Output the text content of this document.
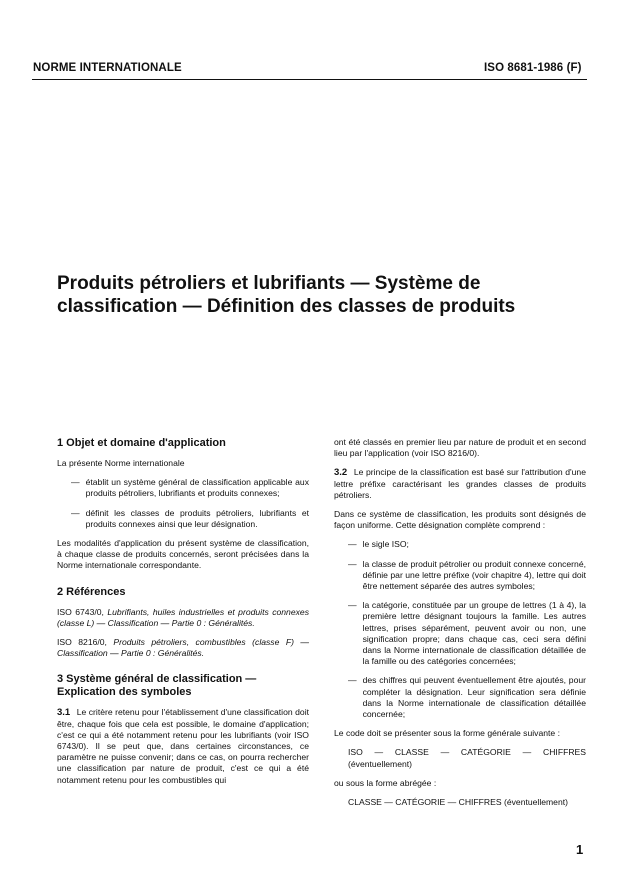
NORME INTERNATIONALE	ISO 8681-1986 (F)
Produits pétroliers et lubrifiants — Système de classification — Définition des classes de produits
1 Objet et domaine d'application

La présente Norme internationale

— établit un système général de classification applicable aux produits pétroliers, lubrifiants et produits connexes;
— définit les classes de produits pétroliers, lubrifiants et produits connexes ainsi que leur désignation.

Les modalités d'application du présent système de classification, à chaque classe de produits concernés, seront précisées dans la Norme internationale correspondante.

2 Références

ISO 6743/0, Lubrifiants, huiles industrielles et produits connexes (classe L) — Classification — Partie 0 : Généralités.

ISO 8216/0, Produits pétroliers, combustibles (classe F) — Classification — Partie 0 : Généralités.

3 Système général de classification — Explication des symboles

3.1 Le critère retenu pour l'établissement d'une classification doit être, chaque fois que cela est possible, le domaine d'application; c'est ce qui a été notamment retenu pour les lubrifiants (voir ISO 6743/0). Il se peut que, dans certaines circonstances, ce paramètre ne puisse convenir; dans ce cas, on pourra rechercher une classification par nature de produit, c'est ce qui a été notamment retenu pour les combustibles qui

ont été classés en premier lieu par nature de produit et en second lieu par l'application (voir ISO 8216/0).

3.2 Le principe de la classification est basé sur l'attribution d'une lettre préfixe caractérisant les grandes classes de produits pétroliers.

Dans ce système de classification, les produits sont désignés de façon uniforme. Cette désignation complète comprend :

— le sigle ISO;
— la classe de produit pétrolier ou produit connexe concerné, définie par une lettre préfixe (voir chapitre 4), lettre qui doit être nettement séparée des autres symboles;
— la catégorie, constituée par un groupe de lettres (1 à 4), la première lettre désignant toujours la famille. Les autres lettres, prises séparément, peuvent avoir ou non, une signification propre; dans chaque cas, ceci sera défini dans la Norme internationale de classification détaillée de la famille ou des catégories concernées;
— des chiffres qui peuvent éventuellement être ajoutés, pour compléter la désignation. Leur signification sera définie dans la Norme internationale de classification détaillée concernée;

Le code doit se présenter sous la forme générale suivante :

ISO — CLASSE — CATÉGORIE — CHIFFRES (éventuellement)

ou sous la forme abrégée :

CLASSE — CATÉGORIE — CHIFFRES (éventuellement)

1
